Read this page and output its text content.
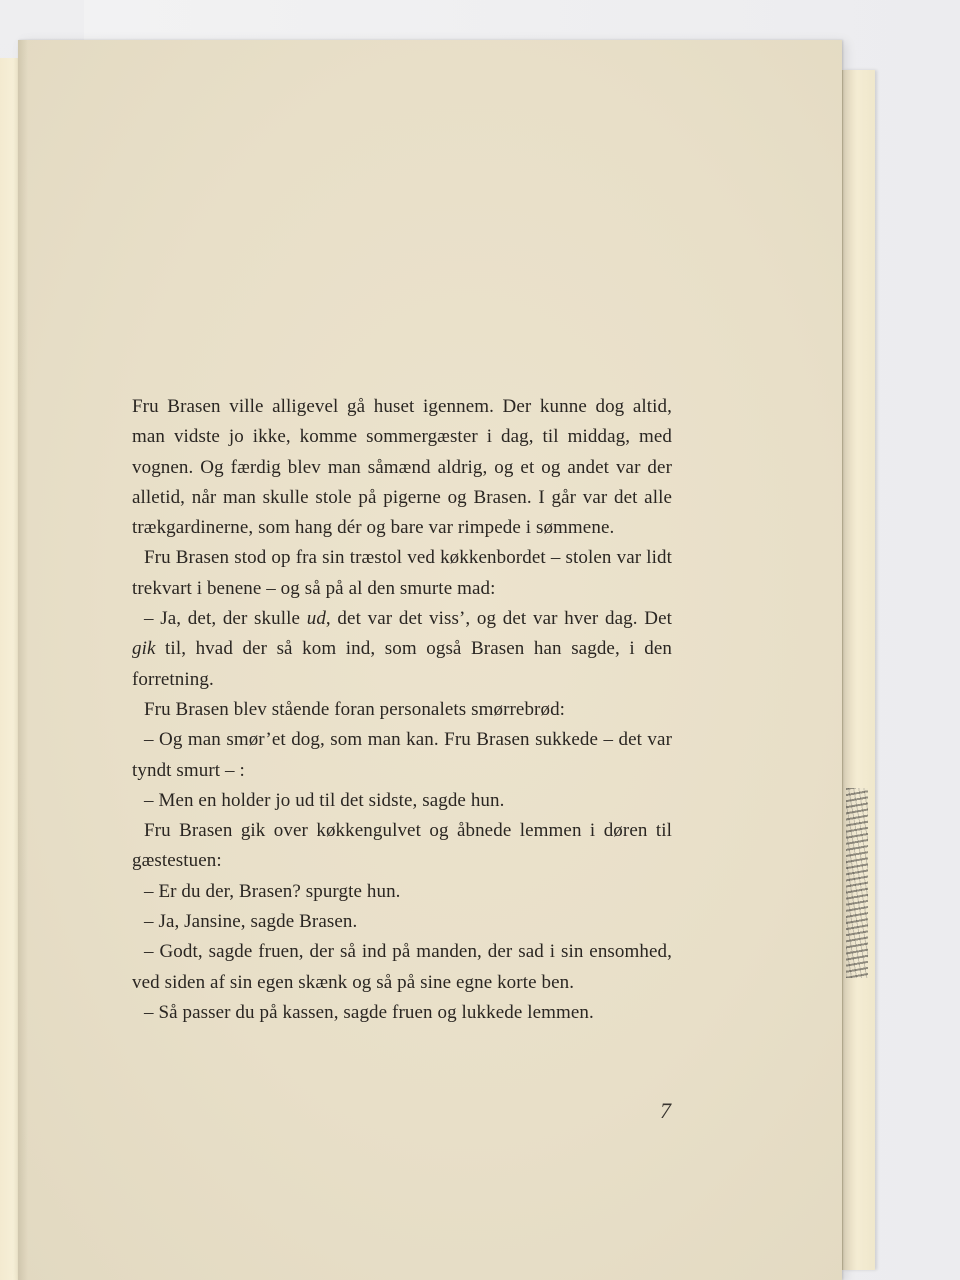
Fru Brasen ville alligevel gå huset igennem. Der kunne dog altid, man vidste jo ikke, komme sommergæster i dag, til middag, med vognen. Og færdig blev man såmænd aldrig, og et og andet var der alletid, når man skulle stole på pigerne og Brasen. I går var det alle trækgardinerne, som hang dér og bare var rimpede i sømmene.

Fru Brasen stod op fra sin træstol ved køkkenbordet – stolen var lidt trekvart i benene – og så på al den smurte mad:

– Ja, det, der skulle ud, det var det viss’, og det var hver dag. Det gik til, hvad der så kom ind, som også Brasen han sagde, i den forretning.

Fru Brasen blev stående foran personalets smørrebrød:

– Og man smør’et dog, som man kan. Fru Brasen sukkede – det var tyndt smurt – :

– Men en holder jo ud til det sidste, sagde hun.

Fru Brasen gik over køkkengulvet og åbnede lemmen i døren til gæstestuen:

– Er du der, Brasen? spurgte hun.

– Ja, Jansine, sagde Brasen.

– Godt, sagde fruen, der så ind på manden, der sad i sin ensomhed, ved siden af sin egen skænk og så på sine egne korte ben.

– Så passer du på kassen, sagde fruen og lukkede lemmen.

7
